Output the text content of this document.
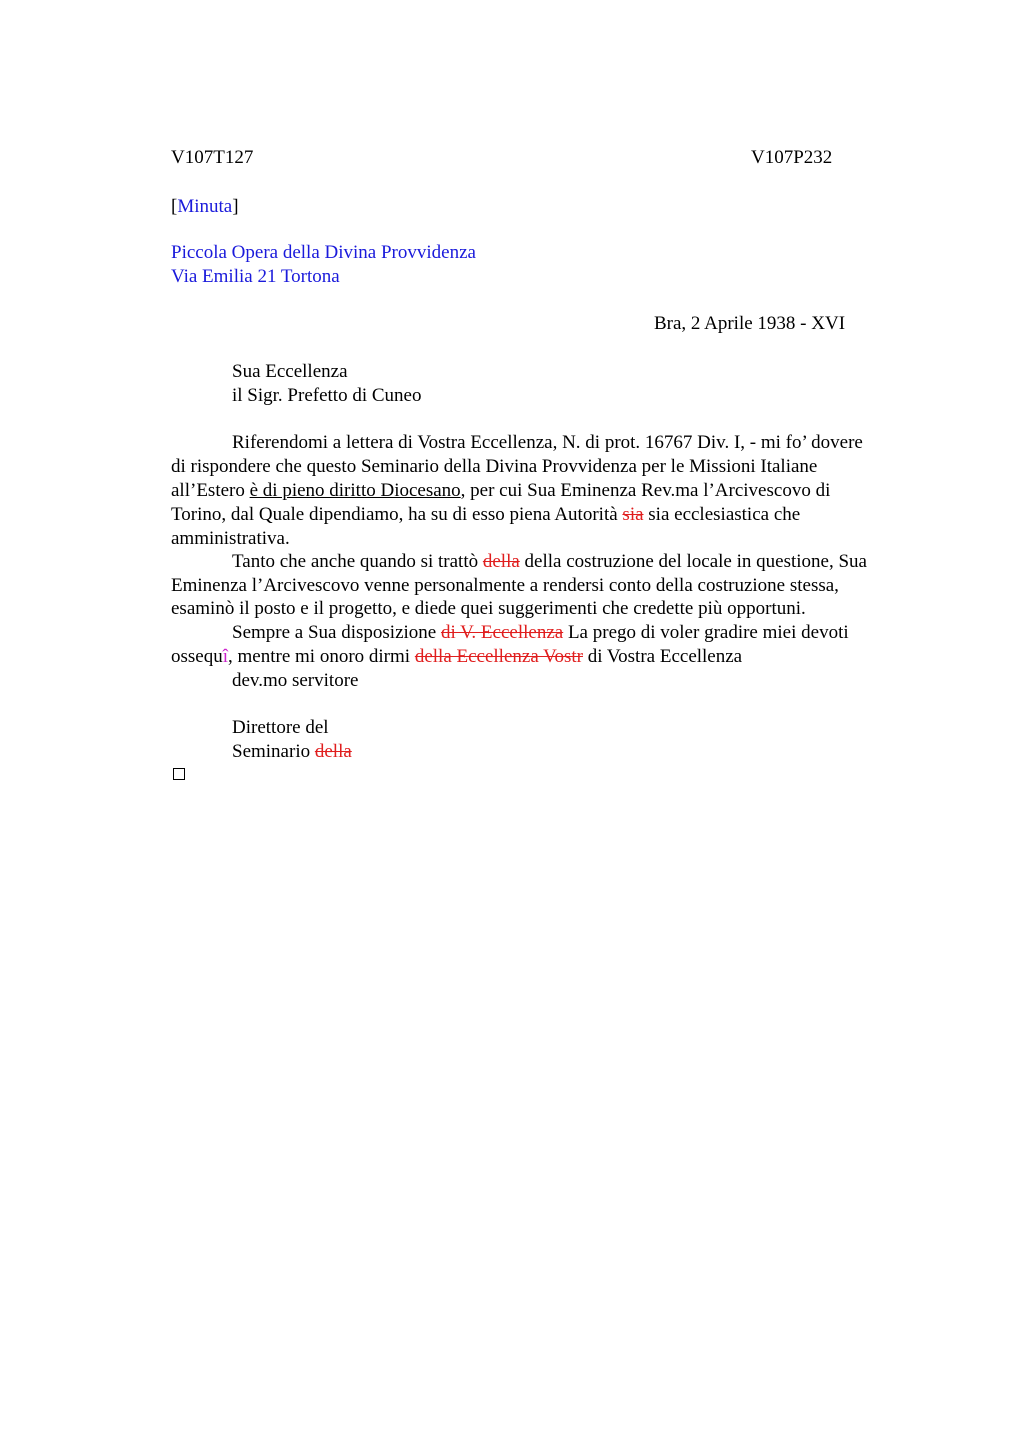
V107T127	V107P232
[Minuta]
Piccola Opera della Divina Provvidenza
Via Emilia 21 Tortona
Bra, 2 Aprile 1938 - XVI
Sua Eccellenza
il Sigr. Prefetto di Cuneo
Riferendomi a lettera di Vostra Eccellenza, N. di prot. 16767 Div. I, - mi fo’ dovere
di rispondere che questo Seminario della Divina Provvidenza per le Missioni Italiane
all’Estero è di pieno diritto Diocesano, per cui Sua Eminenza Rev.ma l’Arcivescovo di
Torino, dal Quale dipendiamo, ha su di esso piena Autorità sia sia ecclesiastica che
amministrativa.
Tanto che anche quando si trattò della della costruzione del locale in questione, Sua
Eminenza l’Arcivescovo venne personalmente a rendersi conto della costruzione stessa,
esaminò il posto e il progetto, e diede quei suggerimenti che credette più opportuni.
Sempre a Sua disposizione di V. Eccellenza La prego di voler gradire miei devoti
ossequî, mentre mi onoro dirmi della Eccellenza Vostr di Vostra Eccellenza
dev.mo servitore
Direttore del
Seminario della
